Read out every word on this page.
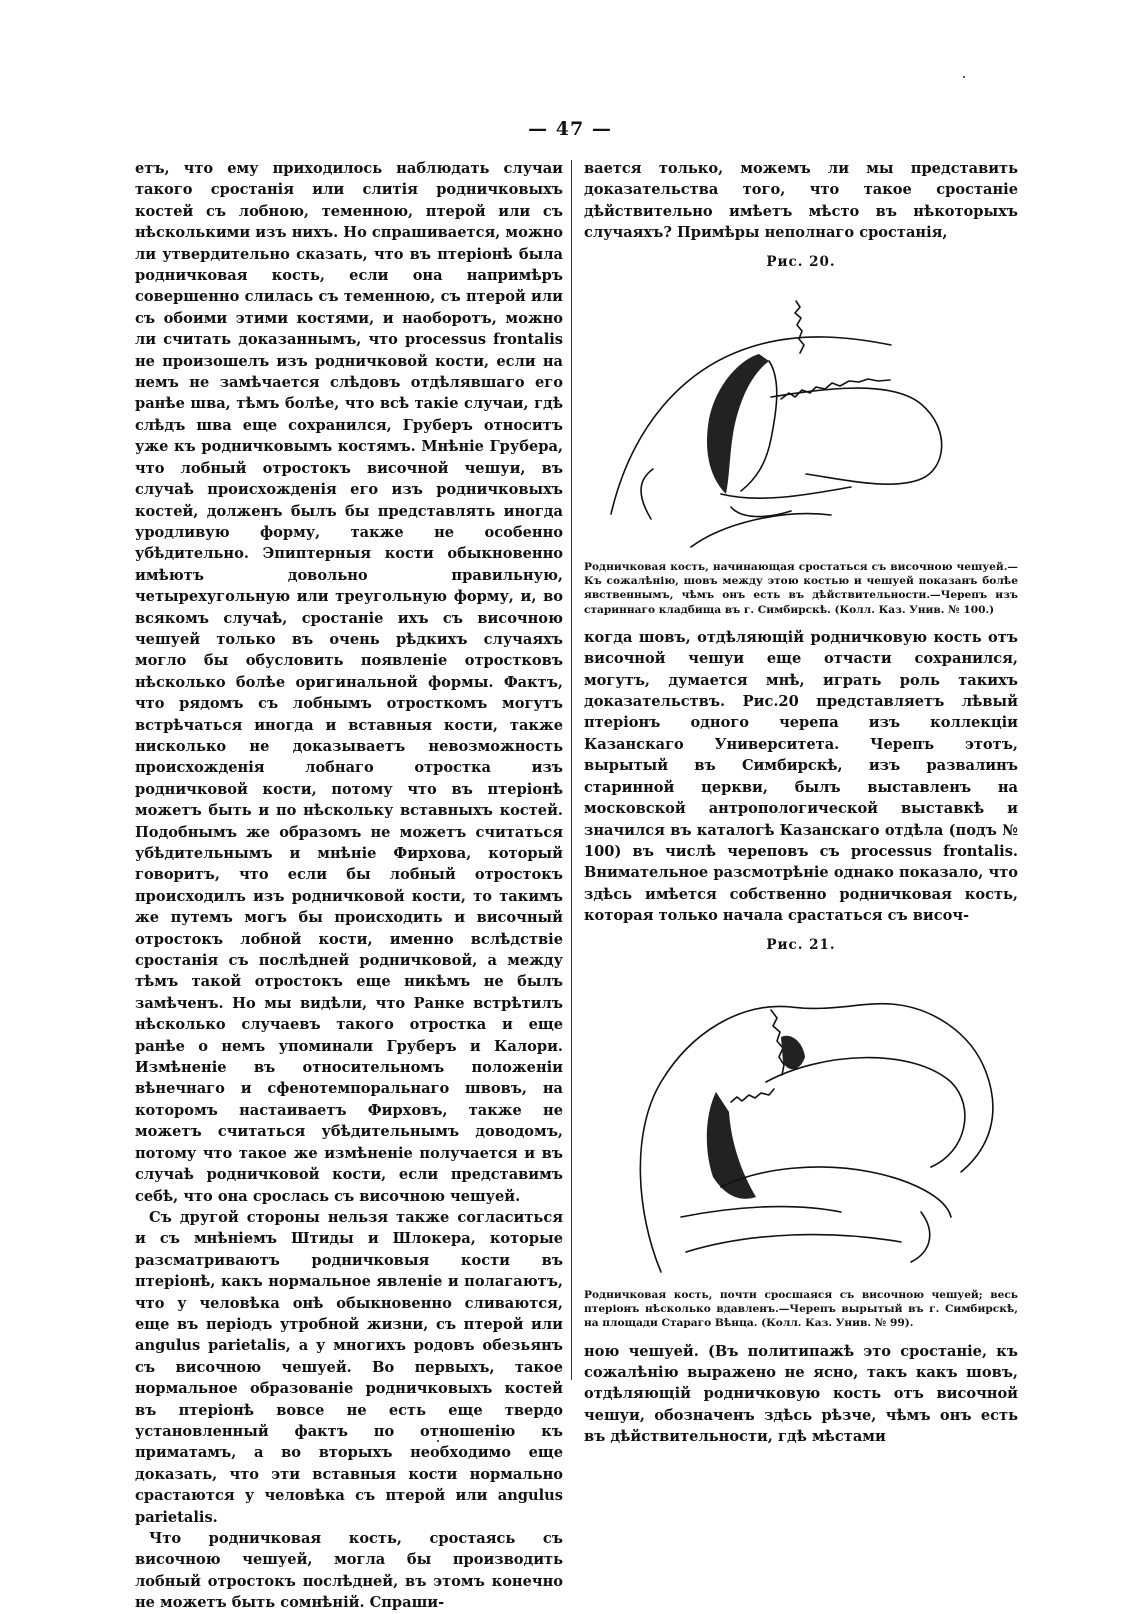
— 47 —

етъ, что ему приходилось наблюдать случаи такого сростанія или слитія родничковыхъ костей съ лобною, теменною, птерой или съ нѣсколькими изъ нихъ. Но спрашивается, можно ли утвердительно сказать, что въ птеріонѣ была родничковая кость, если она напримѣръ совершенно слилась съ теменною, съ птерой или съ обоими этими костями, и наоборотъ, можно ли считать доказаннымъ, что processus frontalis не произошелъ изъ родничковой кости, если на немъ не замѣчается слѣдовъ отдѣлявшаго его ранѣе шва, тѣмъ болѣе, что всѣ такіе случаи, гдѣ слѣдъ шва еще сохранился, Груберъ относитъ уже къ родничковымъ костямъ. Мнѣніе Грубера, что лобный отростокъ височной чешуи, въ случаѣ происхожденія его изъ родничковыхъ костей, долженъ былъ бы представлять иногда уродливую форму, также не особенно убѣдительно. Эпиптерныя кости обыкновенно имѣютъ довольно правильную, четырехугольную или треугольную форму, и, во всякомъ случаѣ, сростаніе ихъ съ височною чешуей только въ очень рѣдкихъ случаяхъ могло бы обусловить появленіе отростковъ нѣсколько болѣе оригинальной формы. Фактъ, что рядомъ съ лобнымъ отросткомъ могутъ встрѣчаться иногда и вставныя кости, также нисколько не доказываетъ невозможность происхожденія лобнаго отростка изъ родничковой кости, потому что въ птеріонѣ можетъ быть и по нѣскольку вставныхъ костей. Подобнымъ же образомъ не можетъ считаться убѣдительнымъ и мнѣніе Фирхова, который говоритъ, что если бы лобный отростокъ происходилъ изъ родничковой кости, то такимъ же путемъ могъ бы происходить и височный отростокъ лобной кости, именно вслѣдствіе сростанія съ послѣдней родничковой, а между тѣмъ такой отростокъ еще никѣмъ не былъ замѣченъ. Но мы видѣли, что Ранке встрѣтилъ нѣсколько случаевъ такого отростка и еще ранѣе о немъ упоминали Груберъ и Калори. Измѣненіе въ относительномъ положеніи вѣнечнаго и сфенотемпоральнаго швовъ, на которомъ настаиваетъ Фирховъ, также не можетъ считаться убѣдительнымъ доводомъ, потому что такое же измѣненіе получается и въ случаѣ родничковой кости, если представимъ себѣ, что она срослась съ височною чешуей.

Съ другой стороны нельзя также согласиться и съ мнѣніемъ Штиды и Шлокера, которые разсматриваютъ родничковыя кости въ птеріонѣ, какъ нормальное явленіе и полагаютъ, что у человѣка онѣ обыкновенно сливаются, еще въ періодъ утробной жизни, съ птерой или angulus parietalis, а у многихъ родовъ обезьянъ съ височною чешуей. Во первыхъ, такое нормальное образованіе родничковыхъ костей въ птеріонѣ вовсе не есть еще твердо установленный фактъ по отношенію къ приматамъ, а во вторыхъ необходимо еще доказать, что эти вставныя кости нормально срастаются у человѣка съ птерой или angulus parietalis.

Что родничковая кость, сростаясь съ височною чешуей, могла бы производить лобный отростокъ послѣдней, въ этомъ конечно не можетъ быть сомнѣній. Спраши-

вается только, можемъ ли мы представить доказательства того, что такое сростаніе дѣйствительно имѣетъ мѣсто въ нѣкоторыхъ случаяхъ? Примѣры неполнаго сростанія,

Рис. 20.
Родничковая кость, начинающая сростаться съ височною чешуей.— Къ сожалѣнію, шовъ между этою костью и чешуей показанъ болѣе явственнымъ, чѣмъ онъ есть въ дѣйствительности.—Черепъ изъ стариннаго кладбища въ г. Симбирскѣ. (Колл. Каз. Унив. № 100.)

когда шовъ, отдѣляющій родничковую кость отъ височной чешуи еще отчасти сохранился, могутъ, думается мнѣ, играть роль такихъ доказательствъ. Рис.20 представляетъ лѣвый птеріонъ одного черепа изъ коллекціи Казанскаго Университета. Черепъ этотъ, вырытый въ Симбирскѣ, изъ развалинъ старинной церкви, былъ выставленъ на московской антропологической выставкѣ и значился въ каталогѣ Казанскаго отдѣла (подъ № 100) въ числѣ череповъ съ processus frontalis. Внимательное разсмотрѣніе однако показало, что здѣсь имѣется собственно родничковая кость, которая только начала срастаться съ височ-

Рис. 21.
Родничковая кость, почти сросшаяся съ височною чешуей; весь птеріонъ нѣсколько вдавленъ.—Черепъ вырытый въ г. Симбирскѣ, на площади Стараго Вѣнца. (Колл. Каз. Унив. № 99).

ною чешуей. (Въ политипажѣ это сростаніе, къ сожалѣнію выражено не ясно, такъ какъ шовъ, отдѣляющій родничковую кость отъ височной чешуи, обозначенъ здѣсь рѣзче, чѣмъ онъ есть въ дѣйствительности, гдѣ мѣстами
